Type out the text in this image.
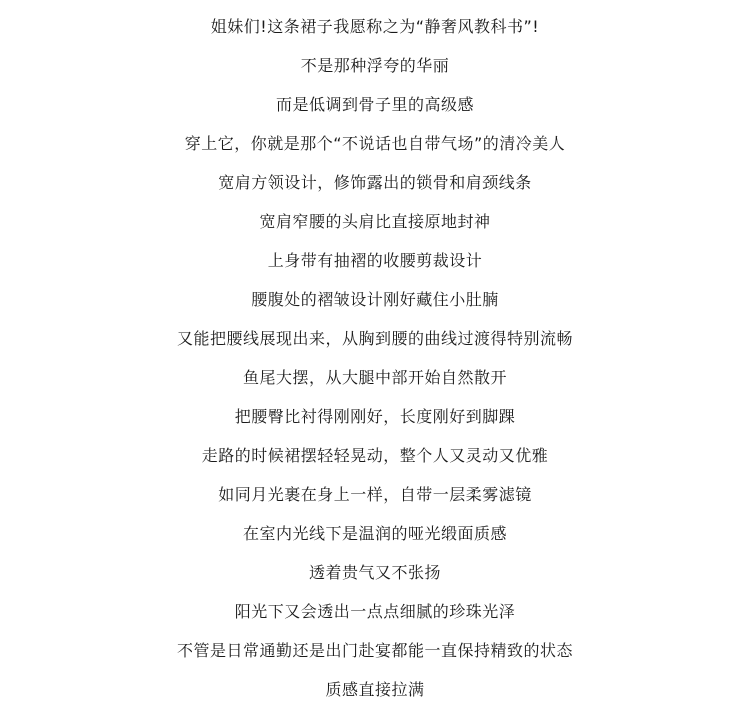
姐妹们!这条裙子我愿称之为“静奢风教科书”!
不是那种浮夸的华丽
而是低调到骨子里的高级感
穿上它，你就是那个“不说话也自带气场”的清冷美人
宽肩方领设计，修饰露出的锁骨和肩颈线条
宽肩窄腰的头肩比直接原地封神
上身带有抽褶的收腰剪裁设计
腰腹处的褶皱设计刚好藏住小肚腩
又能把腰线展现出来，从胸到腰的曲线过渡得特别流畅
鱼尾大摆，从大腿中部开始自然散开
把腰臀比衬得刚刚好，长度刚好到脚踝
走路的时候裙摆轻轻晃动，整个人又灵动又优雅
如同月光裹在身上一样，自带一层柔雾滤镜
在室内光线下是温润的哑光缎面质感
透着贵气又不张扬
阳光下又会透出一点点细腻的珍珠光泽
不管是日常通勤还是出门赴宴都能一直保持精致的状态
质感直接拉满
